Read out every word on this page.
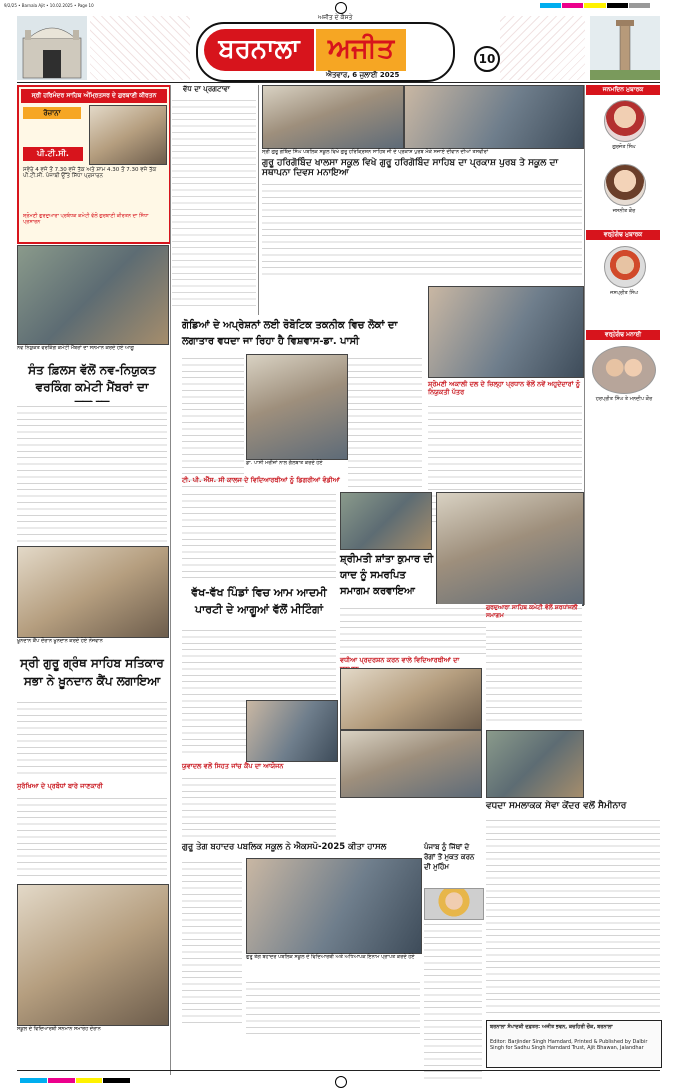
9/2/25 • Barnala Ajit • 10.02.2025 • Page 10
ਬਰਨਾਲਾ	ਅਜੀਤ
ਅਜੀਤ ਦੇ ਕੈਸਤੇ
ਐਤਵਾਰ, 6 ਜੁਲਾਈ 2025
10
ਸ੍ਰੀ ਹਰਿਮੰਦਰ ਸਾਹਿਬ ਅੰਮ੍ਰਿਤਸਰ ਦੇ ਗੁਰਬਾਣੀ ਕੀਰਤਨ
ਰੋਜ਼ਾਨਾ
ਪੀ.ਟੀ.ਸੀ.
ਸਵੇਰੇ 4 ਵਜੇ ਤੋਂ 7.30 ਵਜੇ ਤੱਕ ਅਤੇ ਸ਼ਾਮ 4.30 ਤੋਂ 7.30 ਵਜੇ ਤੱਕ ਪੀ.ਟੀ.ਸੀ. ਪੰਜਾਬੀ ਉੱਤੇ ਸਿੱਧਾ ਪ੍ਰਸਾਰਨ
ਸ਼੍ਰੋਮਣੀ ਗੁਰਦੁਆਰਾ ਪ੍ਰਬੰਧਕ ਕਮੇਟੀ ਵੱਲੋਂ ਗੁਰਬਾਣੀ ਕੀਰਤਨ ਦਾ ਸਿੱਧਾ ਪ੍ਰਸਾਰਨ
ਵੱਧ ਦਾ ਪ੍ਰਗਟਾਵਾ
ਸ੍ਰੀ ਗੁਰੂ ਗੋਬਿੰਦ ਸਿੰਘ ਪਬਲਿਕ ਸਕੂਲ ਵਿਖੇ ਗੁਰੂ ਹਰਿਕ੍ਰਿਸ਼ਨ ਸਾਹਿਬ ਜੀ ਦੇ ਪ੍ਰਕਾਸ਼ ਪੁਰਬ ਮੌਕੇ ਸਜਾਏ ਦੀਵਾਨ ਦੀਆਂ ਤਸਵੀਰਾਂ
ਗੁਰੂ ਹਰਿਗੋਬਿੰਦ ਖਾਲਸਾ ਸਕੂਲ ਵਿਖੇ ਗੁਰੂ ਹਰਿਗੋਬਿੰਦ ਸਾਹਿਬ ਦਾ ਪ੍ਰਕਾਸ਼ ਪੁਰਬ ਤੇ ਸਕੂਲ ਦਾ ਸਥਾਪਨਾ ਦਿਵਸ ਮਨਾਇਆ
ਜਨਮਦਿਨ ਮੁਬਾਰਕ
ਗੁਰਜੋਤ ਸਿੰਘ
ਜਸਨੀਤ ਕੌਰ
ਵਰ੍ਹੇਗੰਢ ਮੁਬਾਰਕ
ਜਸਪ੍ਰੀਤ ਸਿੰਘ
ਵਰ੍ਹੇਗੰਢ ਮਨਾਈ
ਹਰਪ੍ਰੀਤ ਸਿੰਘ ਤੇ ਮਨਦੀਪ ਕੌਰ
ਨਵ ਨਿਯੁਕਤ ਵਰਕਿੰਗ ਕਮੇਟੀ ਮੈਂਬਰਾਂ ਦਾ ਸਨਮਾਨ ਕਰਦੇ ਹੋਏ ਆਗੂ
ਸੰਤ ਫ਼ਿਲਸ ਵੱਲੋਂ ਨਵ-ਨਿਯੁਕਤ ਵਰਕਿੰਗ ਕਮੇਟੀ ਮੈਂਬਰਾਂ ਦਾ
ਗੋਡਿਆਂ ਦੇ ਅਪ੍ਰੇਸ਼ਨਾਂ ਲਈ ਰੋਬੋਟਿਕ ਤਕਨੀਕ ਵਿਚ ਲੋਕਾਂ ਦਾ ਲਗਾਤਾਰ ਵਧਦਾ ਜਾ ਰਿਹਾ ਹੈ ਵਿਸ਼ਵਾਸ-ਡਾ. ਪਾਸੀ
ਡਾ. ਪਾਸੀ ਮਰੀਜ਼ਾਂ ਨਾਲ ਗੱਲਬਾਤ ਕਰਦੇ ਹੋਏ
ਸ਼੍ਰੋਮਣੀ ਅਕਾਲੀ ਦਲ ਦੇ ਜ਼ਿਲ੍ਹਾ ਪ੍ਰਧਾਨ ਵੱਲੋਂ ਨਵੇਂ ਅਹੁਦੇਦਾਰਾਂ ਨੂੰ ਨਿਯੁਕਤੀ ਪੱਤਰ
ਟੀ. ਪੀ. ਐੱਸ. ਸੀ ਕਾਲਜ ਦੇ ਵਿਦਿਆਰਥੀਆਂ ਨੂੰ ਡਿਗਰੀਆਂ ਵੰਡੀਆਂ
ਖ਼ੂਨਦਾਨ ਕੈਂਪ ਦੌਰਾਨ ਖ਼ੂਨਦਾਨ ਕਰਦੇ ਹੋਏ ਨੌਜਵਾਨ
ਸ੍ਰੀ ਗੁਰੂ ਗ੍ਰੰਥ ਸਾਹਿਬ ਸਤਿਕਾਰ ਸਭਾ ਨੇ ਖ਼ੂਨਦਾਨ ਕੈਂਪ ਲਗਾਇਆ
ਸ਼੍ਰੀਮਤੀ ਸ਼ਾਂਤਾ ਕੁਮਾਰ ਦੀ ਯਾਦ ਨੂੰ ਸਮਰਪਿਤ ਸਮਾਗਮ ਕਰਵਾਇਆ
ਵੱਖ-ਵੱਖ ਪਿੰਡਾਂ ਵਿਚ ਆਮ ਆਦਮੀ ਪਾਰਟੀ ਦੇ ਆਗੂਆਂ ਵੱਲੋਂ ਮੀਟਿੰਗਾਂ
ਵਧੀਆ ਪ੍ਰਦਰਸ਼ਨ ਕਰਨ ਵਾਲੇ ਵਿਦਿਆਰਥੀਆਂ ਦਾ
ਗੁਰਦੁਆਰਾ ਸਾਹਿਬ ਕਮੇਟੀ ਵੱਲੋਂ ਸ਼ਰਧਾਂਜਲੀ ਸਮਾਗਮ
ਸੁਰੱਖਿਆ ਦੇ ਪ੍ਰਬੰਧਾਂ ਬਾਰੇ ਜਾਣਕਾਰੀ
ਯੁਵਾਦਲ ਵਲੋਂ ਸਿਹਤ ਜਾਂਚ ਕੈਂਪ ਦਾ ਆਯੋਜਨ
ਵਧਦਾ ਸਮਲਾਕਕ ਸੇਵਾ ਕੇਂਦਰ ਵਲੋਂ ਸੈਮੀਨਾਰ
ਪੰਜਾਬ ਨੂੰ ਜਿੱਥਾਂ ਦੇ ਰੋਗਾਂ ਤੋਂ ਮੁਕਤ ਕਰਨ ਦੀ ਮੁਹਿੰਮ
ਗੁਰੂ ਤੇਗ ਬਹਾਦਰ ਪਬਲਿਕ ਸਕੂਲ ਨੇ ਐਕਸਪੋ-2025 ਕੀਤਾ ਹਾਸਲ
ਗੁਰੂ ਤੇਗ ਬਹਾਦਰ ਪਬਲਿਕ ਸਕੂਲ ਦੇ ਵਿਦਿਆਰਥੀ ਅਤੇ ਅਧਿਆਪਕ ਇਨਾਮ ਪ੍ਰਾਪਤ ਕਰਦੇ ਹੋਏ
ਸਕੂਲ ਦੇ ਵਿਦਿਆਰਥੀ ਸਨਮਾਨ ਸਮਾਰੋਹ ਦੌਰਾਨ	ਬਰਨਾਲਾ ਸੰਪਾਦਕੀ ਦਫ਼ਤਰ: ਅਜੀਤ ਭਵਨ, ਕਚਹਿਰੀ ਚੌਕ, ਬਰਨਾਲਾ
Editor: Barjinder Singh Hamdard, Printed & Published by Dalbir Singh for Sadhu Singh Hamdard Trust, Ajit Bhawan, Jalandhar
